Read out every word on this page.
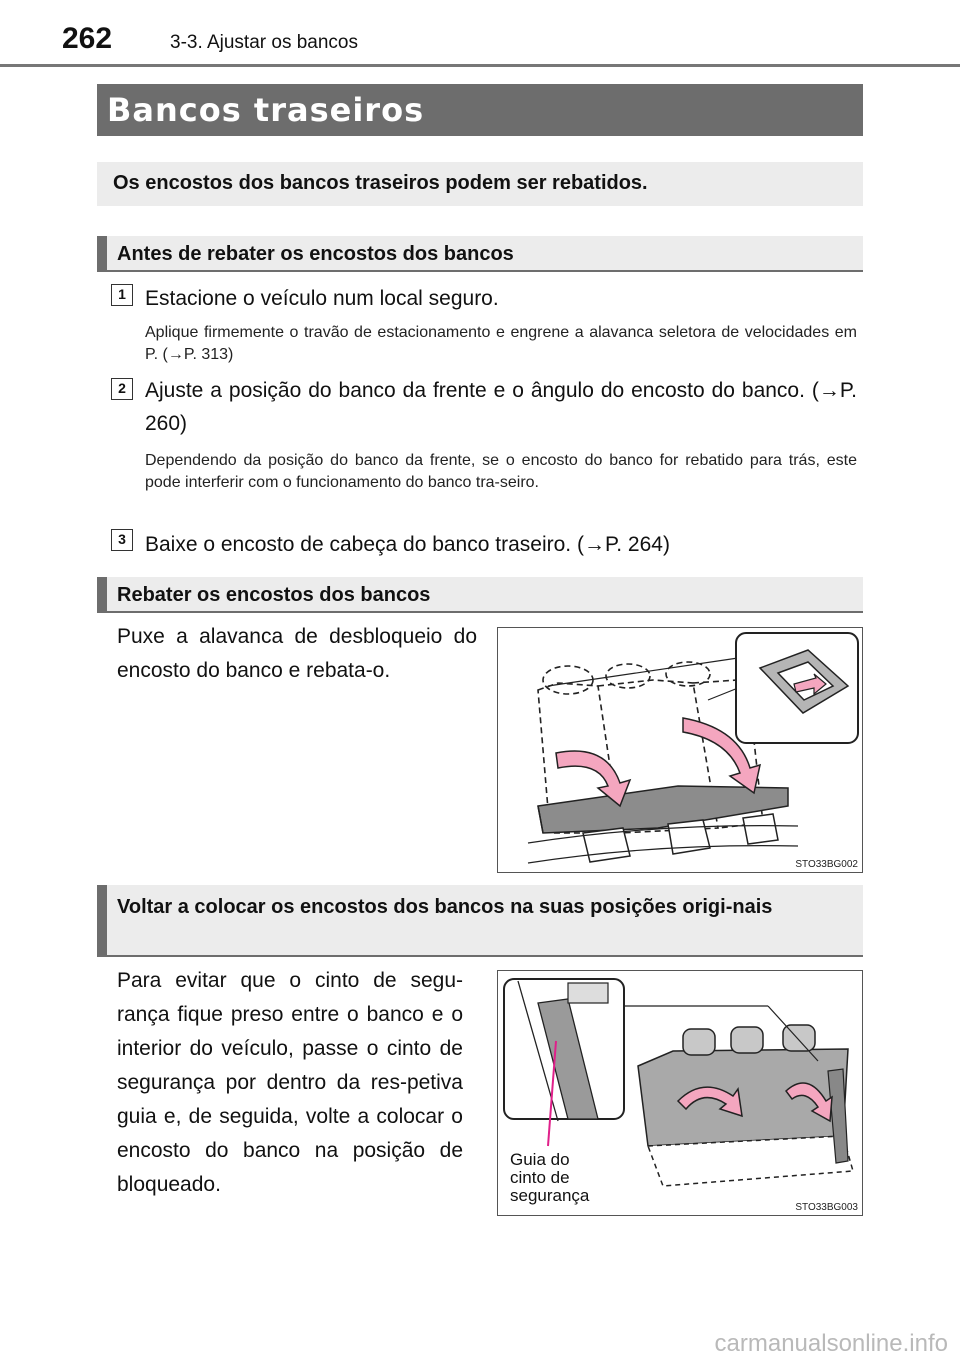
262	3-3. Ajustar os bancos
Bancos traseiros
Os encostos dos bancos traseiros podem ser rebatidos.
Antes de rebater os encostos dos bancos
1 Estacione o veículo num local seguro.
Aplique firmemente o travão de estacionamento e engrene a alavanca seletora de velocidades em P. (→P. 313)
2 Ajuste a posição do banco da frente e o ângulo do encosto do banco. (→P. 260)
Dependendo da posição do banco da frente, se o encosto do banco for rebatido para trás, este pode interferir com o funcionamento do banco tra-seiro.
3 Baixe o encosto de cabeça do banco traseiro. (→P. 264)
Rebater os encostos dos bancos
Puxe a alavanca de desbloqueio do encosto do banco e rebata-o.
STO33BG002
Voltar a colocar os encostos dos bancos na suas posições origi-nais
Para evitar que o cinto de segu-rança fique preso entre o banco e o interior do veículo, passe o cinto de segurança por dentro da res-petiva guia e, de seguida, volte a colocar o encosto do banco na posição de bloqueado.
Guia do
cinto de
segurança
STO33BG003
carmanualsonline.info
